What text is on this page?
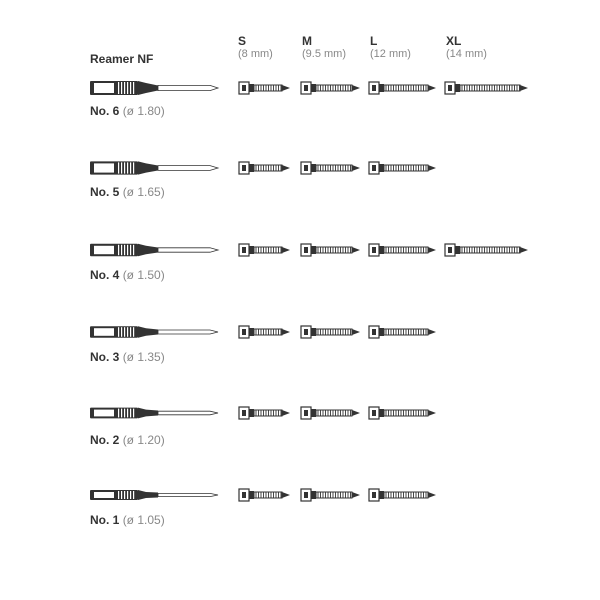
Reamer NF
S
(8 mm)
M
(9.5 mm)
L
(12 mm)
XL
(14 mm)
No. 6 (ø 1.80)
No. 5 (ø 1.65)
No. 4 (ø 1.50)
No. 3 (ø 1.35)
No. 2 (ø 1.20)
No. 1 (ø 1.05)
